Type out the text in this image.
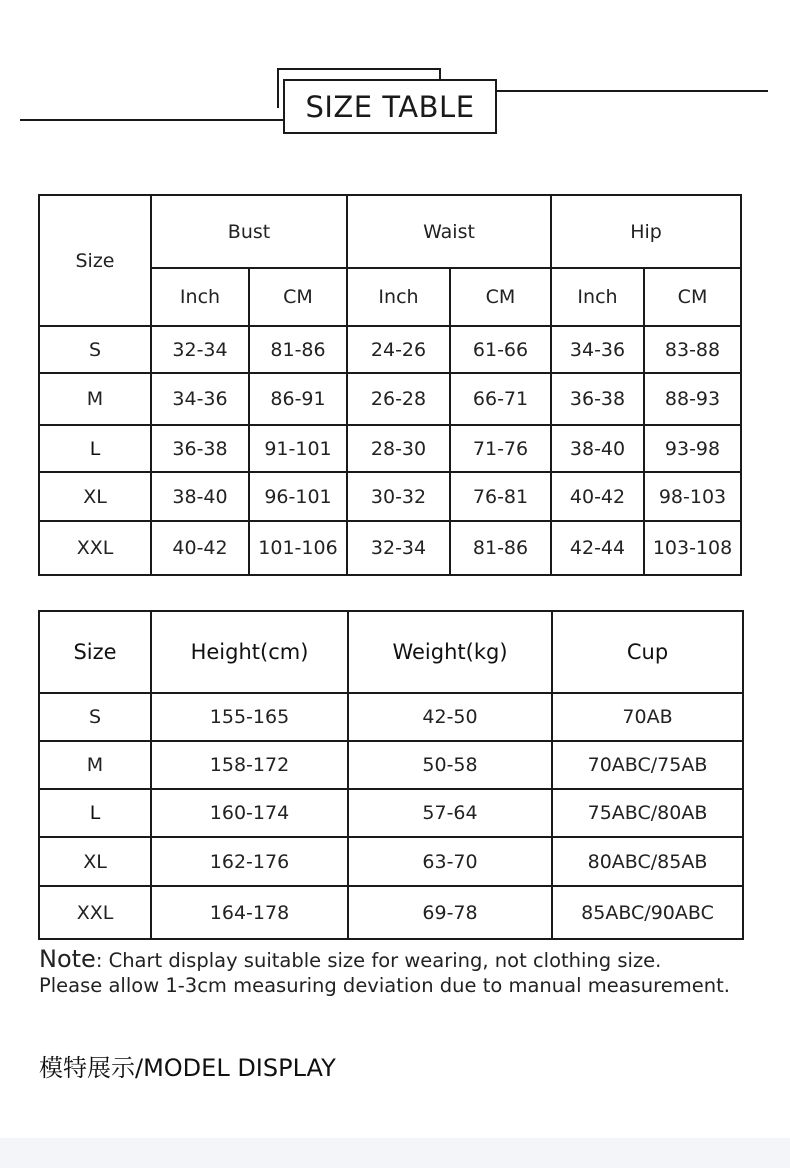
SIZE TABLE
Size	Bust		Waist		Hip	
	Inch	CM	Inch	CM	Inch	CM
S	32-34	81-86	24-26	61-66	34-36	83-88
M	34-36	86-91	26-28	66-71	36-38	88-93
L	36-38	91-101	28-30	71-76	38-40	93-98
XL	38-40	96-101	30-32	76-81	40-42	98-103
XXL	40-42	101-106	32-34	81-86	42-44	103-108
Size	Height(cm)	Weight(kg)	Cup
S	155-165	42-50	70AB
M	158-172	50-58	70ABC/75AB
L	160-174	57-64	75ABC/80AB
XL	162-176	63-70	80ABC/85AB
XXL	164-178	69-78	85ABC/90ABC
Note: Chart display suitable size for wearing, not clothing size.
Please allow 1-3cm measuring deviation due to manual measurement.
模特展示/MODEL DISPLAY
